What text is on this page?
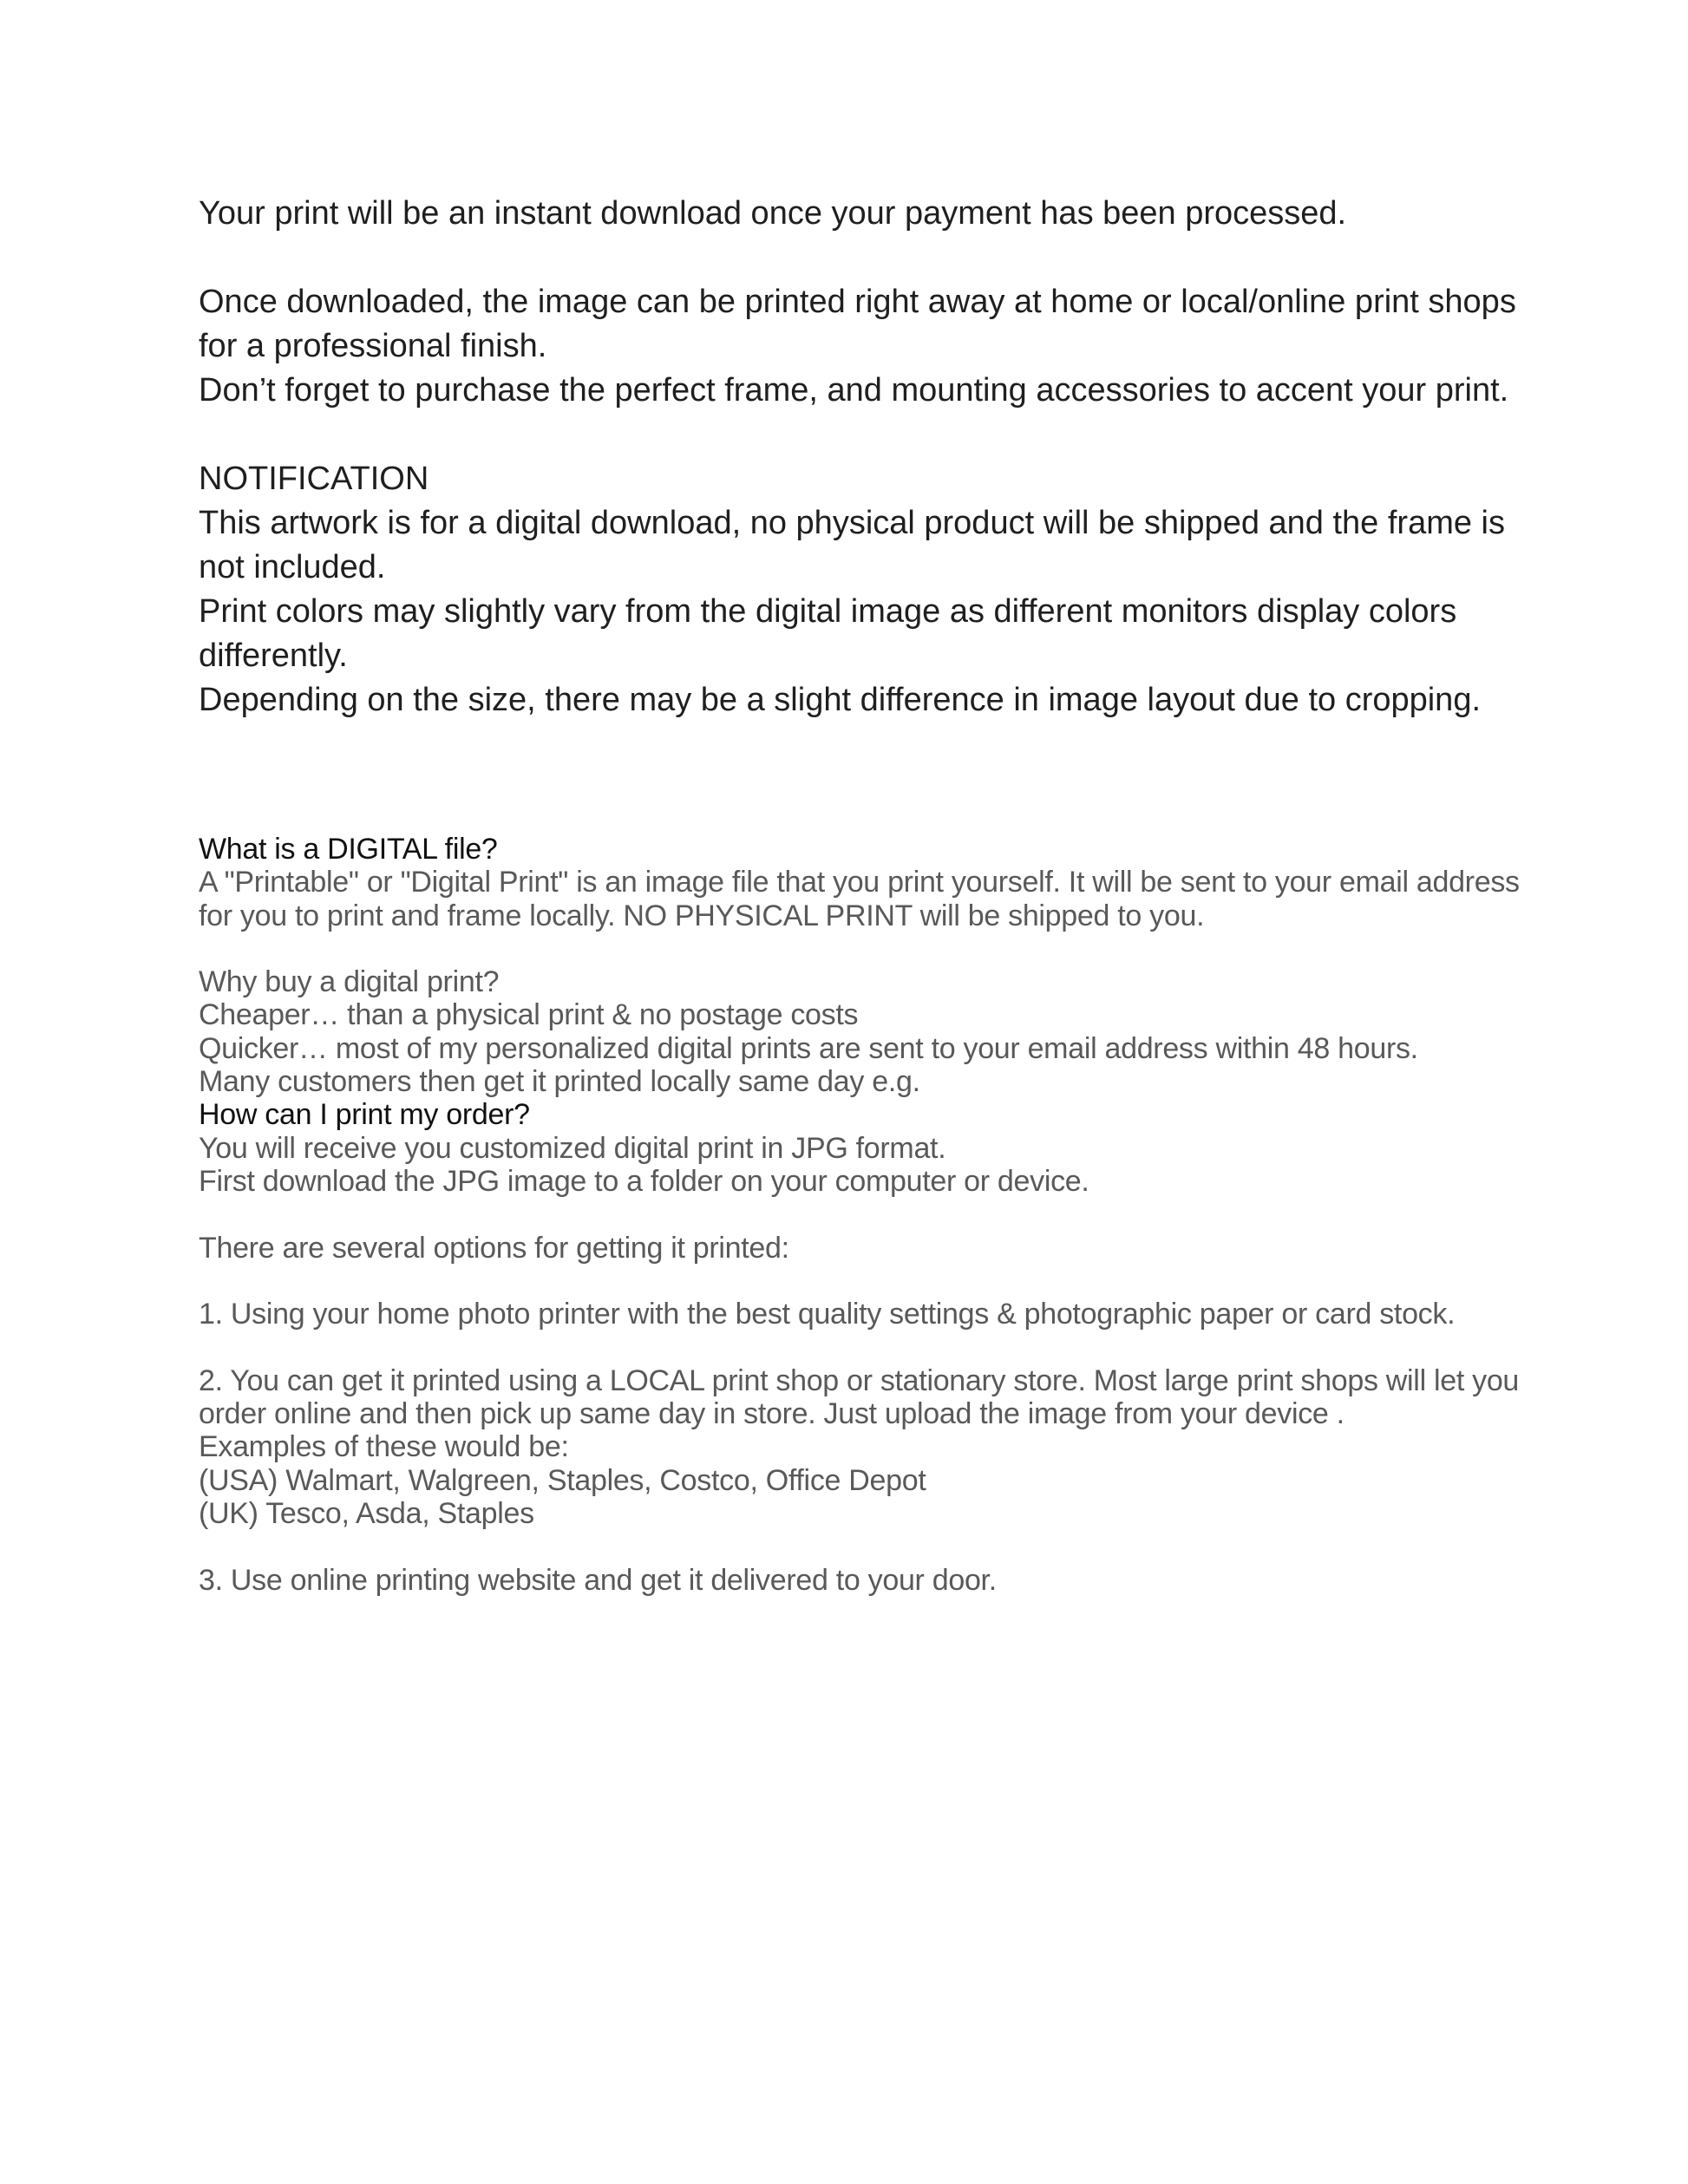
Your print will be an instant download once your payment has been processed.

Once downloaded, the image can be printed right away at home or local/online print shops for a professional finish.

Don’t forget to purchase the perfect frame, and mounting accessories to accent your print.

NOTIFICATION

This artwork is for a digital download, no physical product will be shipped and the frame is not included.

Print colors may slightly vary from the digital image as different monitors display colors differently.

Depending on the size, there may be a slight difference in image layout due to cropping.

What is a DIGITAL file?

A "Printable" or "Digital Print" is an image file that you print yourself. It will be sent to your email address for you to print and frame locally. NO PHYSICAL PRINT will be shipped to you.

Why buy a digital print?

Cheaper… than a physical print & no postage costs

Quicker… most of my personalized digital prints are sent to your email address within 48 hours.

Many customers then get it printed locally same day e.g.

How can I print my order?

You will receive you customized digital print in JPG format.

First download the JPG image to a folder on your computer or device.

There are several options for getting it printed:

1. Using your home photo printer with the best quality settings & photographic paper or card stock.

2. You can get it printed using a LOCAL print shop or stationary store. Most large print shops will let you order online and then pick up same day in store. Just upload the image from your device .

Examples of these would be:

(USA) Walmart, Walgreen, Staples, Costco, Office Depot

(UK) Tesco, Asda, Staples

3. Use online printing website and get it delivered to your door.
